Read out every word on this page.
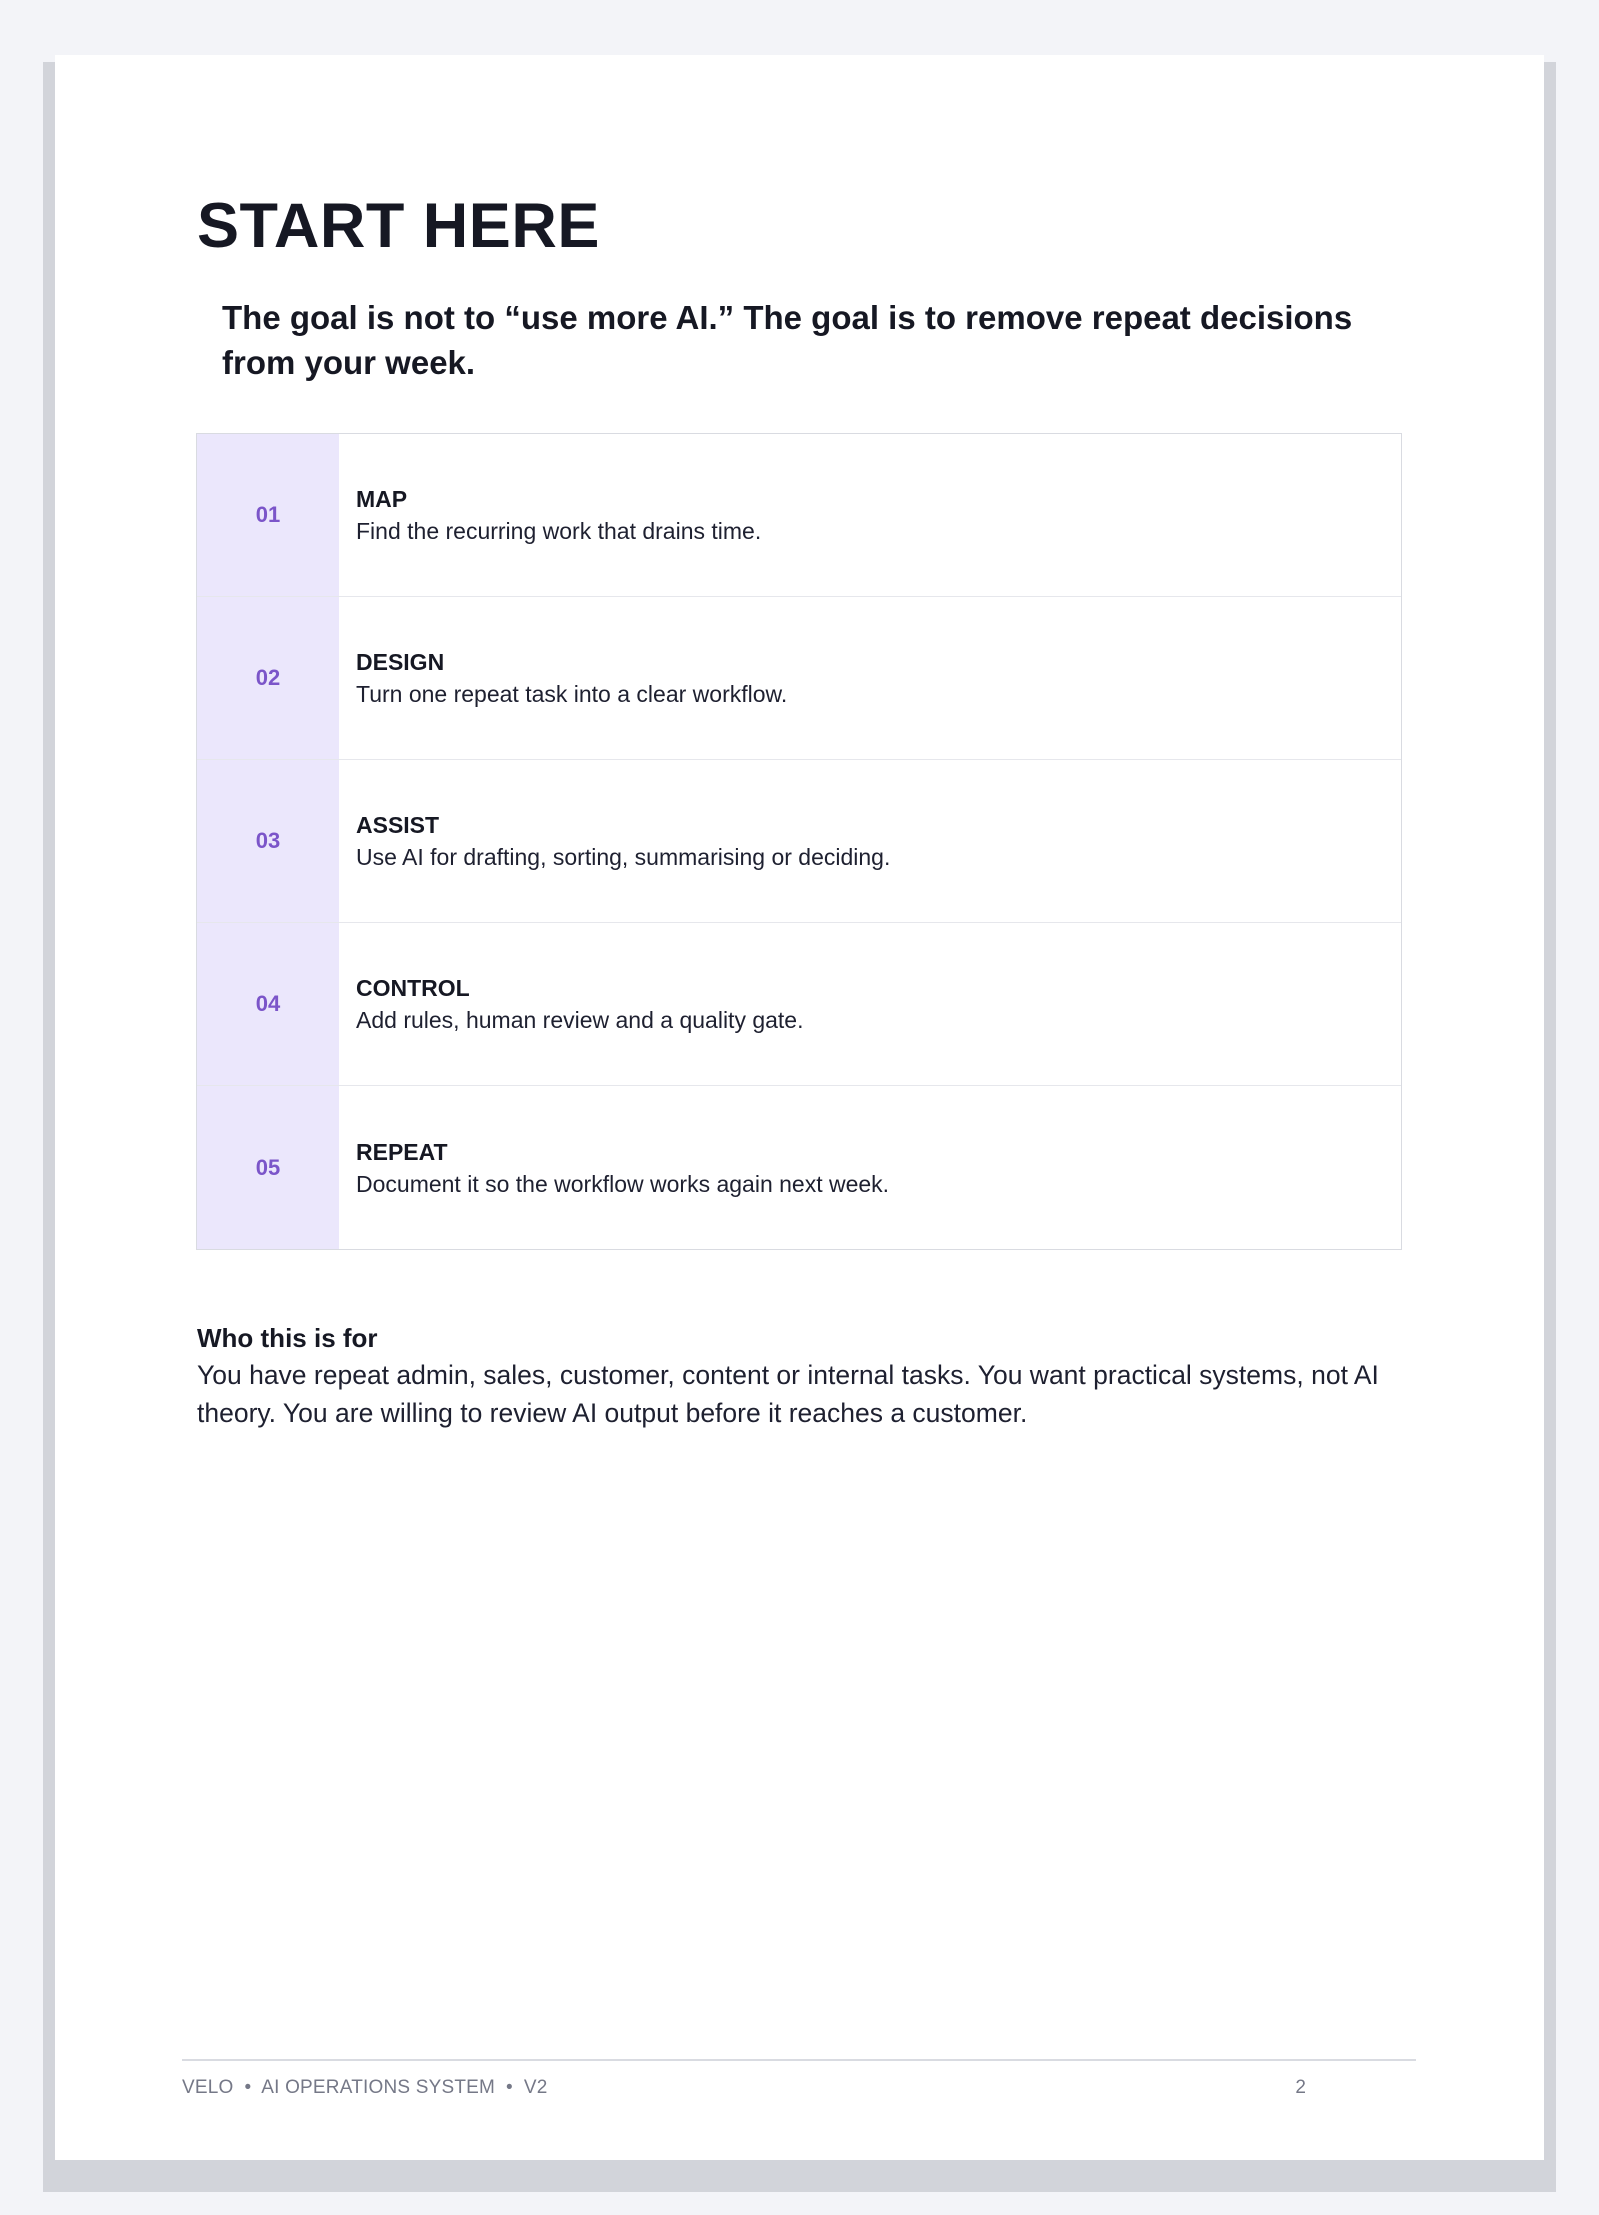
START HERE

The goal is not to “use more AI.” The goal is to remove repeat decisions from your week.

01
MAP
Find the recurring work that drains time.
02
DESIGN
Turn one repeat task into a clear workflow.
03
ASSIST
Use AI for drafting, sorting, summarising or deciding.
04
CONTROL
Add rules, human review and a quality gate.
05
REPEAT
Document it so the workflow works again next week.
Who this is for
You have repeat admin, sales, customer, content or internal tasks. You want practical systems, not AI theory. You are willing to review AI output before it reaches a customer.
VELO • AI OPERATIONS SYSTEM • V2	2
